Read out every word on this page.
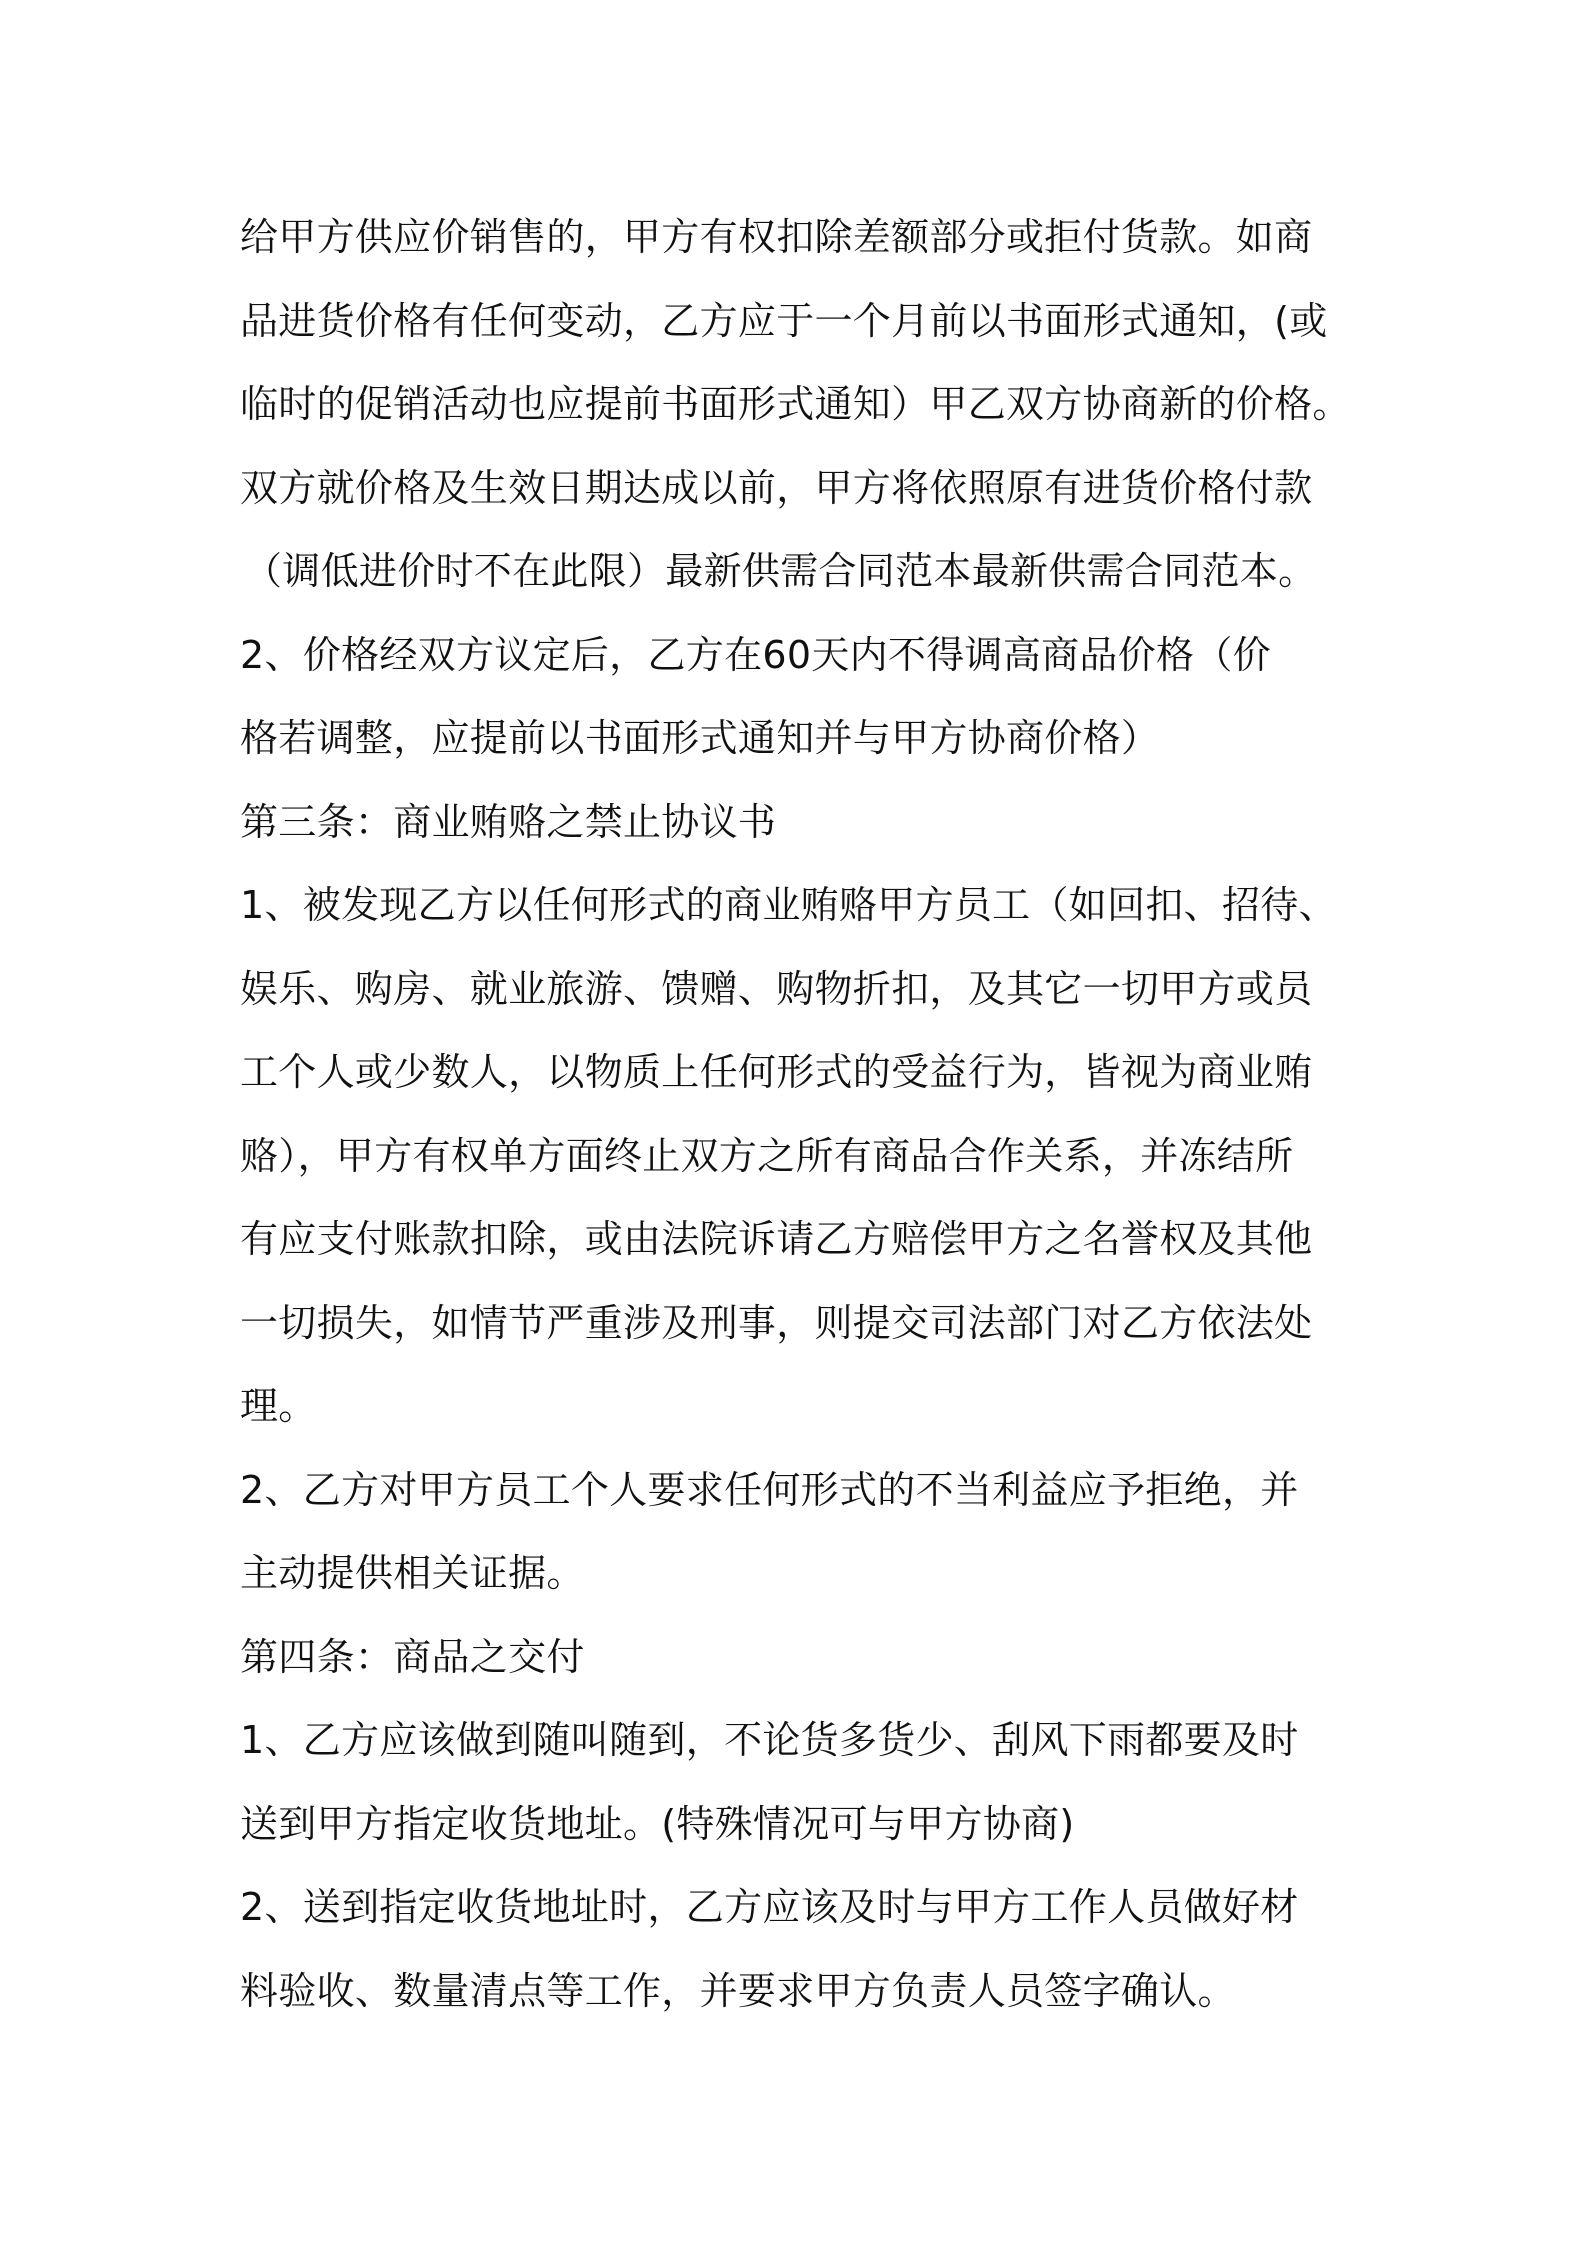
给甲方供应价销售的，甲方有权扣除差额部分或拒付货款。如商
品进货价格有任何变动，乙方应于一个月前以书面形式通知，(或
临时的促销活动也应提前书面形式通知）甲乙双方协商新的价格。
双方就价格及生效日期达成以前，甲方将依照原有进货价格付款
（调低进价时不在此限）最新供需合同范本最新供需合同范本。
2、价格经双方议定后，乙方在60天内不得调高商品价格（价
格若调整，应提前以书面形式通知并与甲方协商价格）
第三条：商业贿赂之禁止协议书
1、被发现乙方以任何形式的商业贿赂甲方员工（如回扣、招待、
娱乐、购房、就业旅游、馈赠、购物折扣，及其它一切甲方或员
工个人或少数人，以物质上任何形式的受益行为，皆视为商业贿
赂），甲方有权单方面终止双方之所有商品合作关系，并冻结所
有应支付账款扣除，或由法院诉请乙方赔偿甲方之名誉权及其他
一切损失，如情节严重涉及刑事，则提交司法部门对乙方依法处
理。
2、乙方对甲方员工个人要求任何形式的不当利益应予拒绝，并
主动提供相关证据。
第四条：商品之交付
1、乙方应该做到随叫随到，不论货多货少、刮风下雨都要及时
送到甲方指定收货地址。(特殊情况可与甲方协商)
2、送到指定收货地址时，乙方应该及时与甲方工作人员做好材
料验收、数量清点等工作，并要求甲方负责人员签字确认。
